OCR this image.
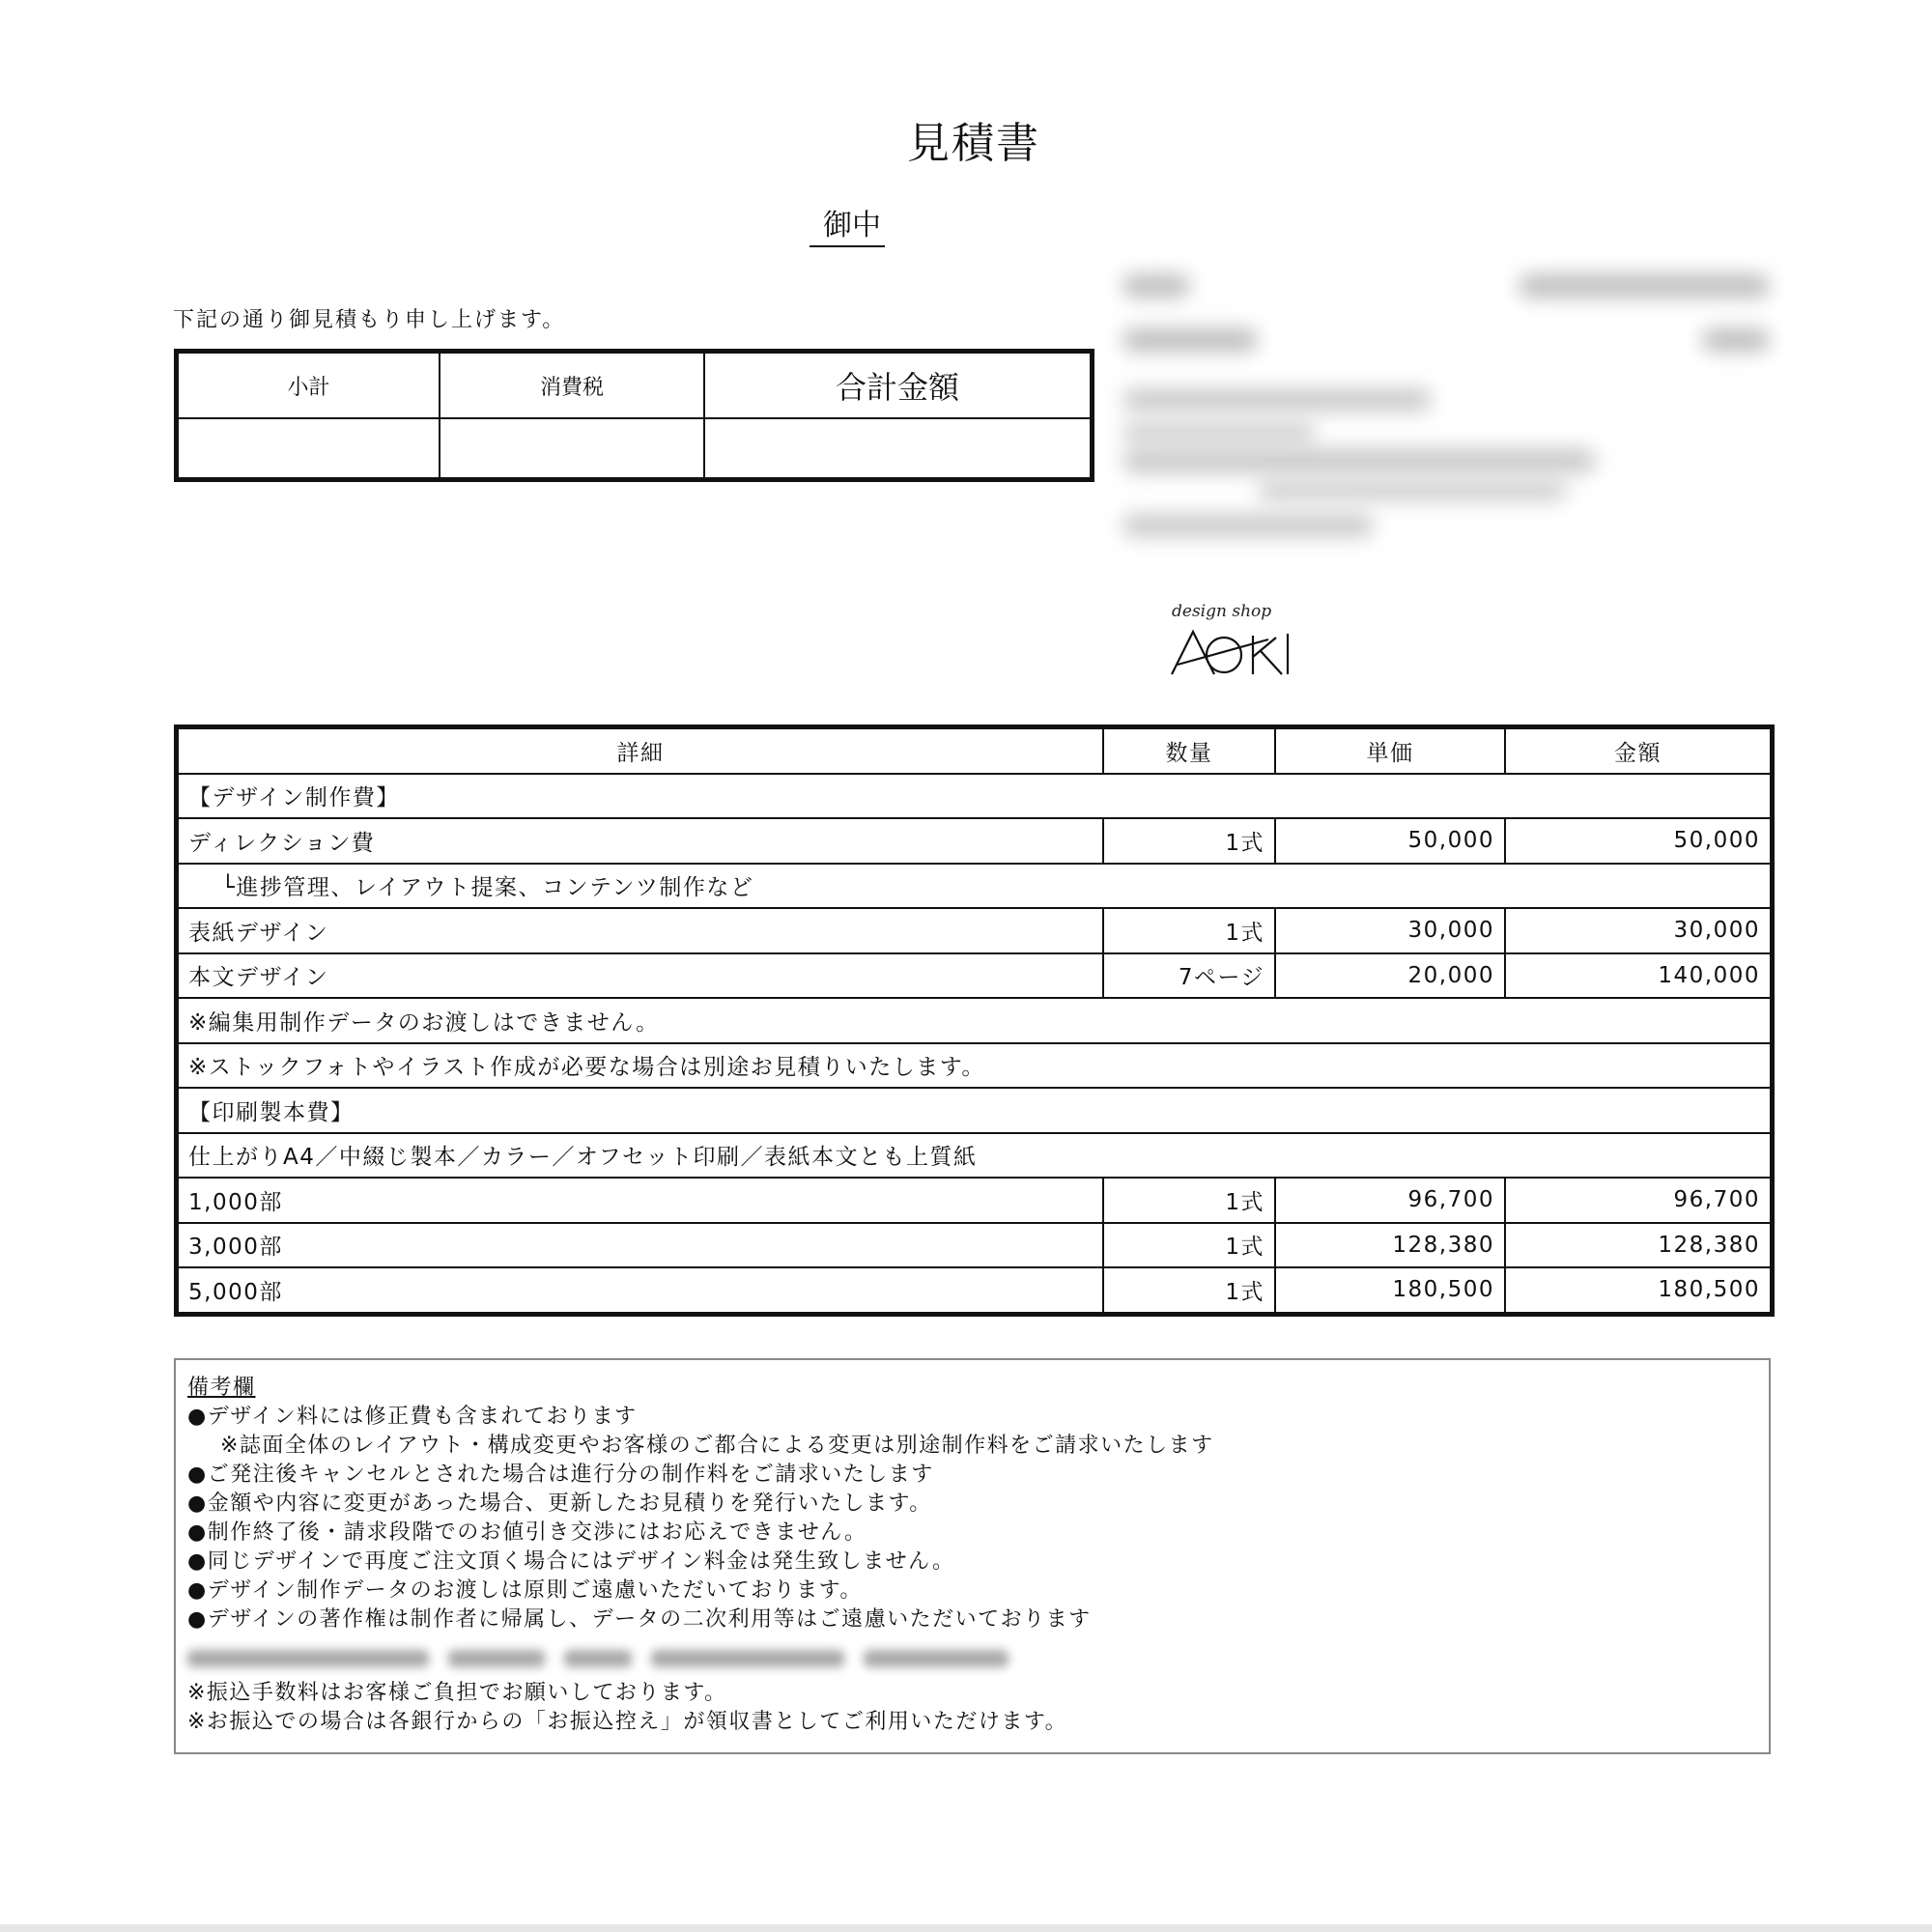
見積書
御中
下記の通り御見積もり申し上げます。
小計	消費税	合計金額

design shop
詳細	数量	単価	金額
【デザイン制作費】			
ディレクション費	1式	50,000	50,000
└進捗管理、レイアウト提案、コンテンツ制作など			
表紙デザイン	1式	30,000	30,000
本文デザイン	7ページ	20,000	140,000
※編集用制作データのお渡しはできません。			
※ストックフォトやイラスト作成が必要な場合は別途お見積りいたします。			
【印刷製本費】			
仕上がりA4／中綴じ製本／カラー／オフセット印刷／表紙本文とも上質紙			
1,000部	1式	96,700	96,700
3,000部	1式	128,380	128,380
5,000部	1式	180,500	180,500
備考欄
●デザイン料には修正費も含まれております
※誌面全体のレイアウト・構成変更やお客様のご都合による変更は別途制作料をご請求いたします
●ご発注後キャンセルとされた場合は進行分の制作料をご請求いたします
●金額や内容に変更があった場合、更新したお見積りを発行いたします。
●制作終了後・請求段階でのお値引き交渉にはお応えできません。
●同じデザインで再度ご注文頂く場合にはデザイン料金は発生致しません。
●デザイン制作データのお渡しは原則ご遠慮いただいております。
●デザインの著作権は制作者に帰属し、データの二次利用等はご遠慮いただいております
※振込手数料はお客様ご負担でお願いしております。
※お振込での場合は各銀行からの「お振込控え」が領収書としてご利用いただけます。
